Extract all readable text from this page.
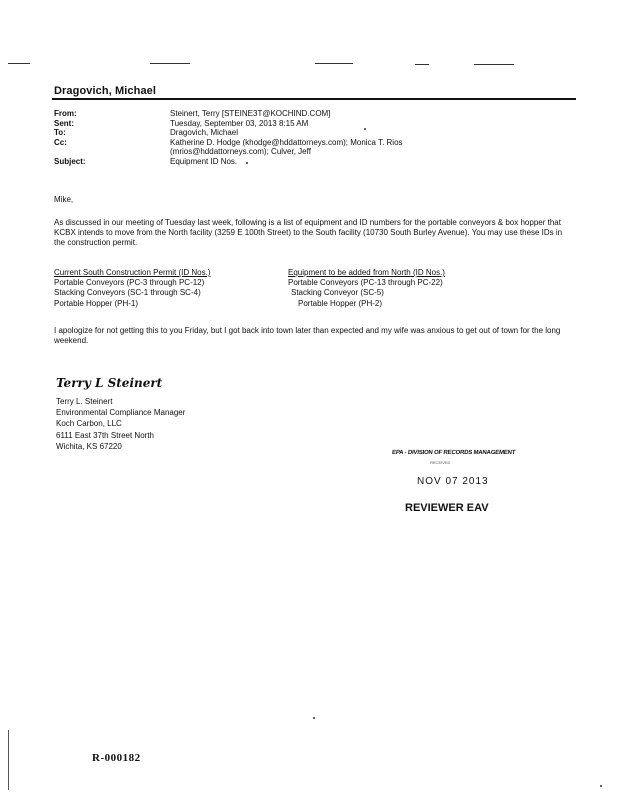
Dragovich, Michael
From:
Sent:
To:
Cc:
Subject:
Steinert, Terry [STEINE3T@KOCHIND.COM]
Tuesday, September 03, 2013 8:15 AM
Dragovich, Michael
Katherine D. Hodge (khodge@hddattorneys.com); Monica T. Rios
(mrios@hddattorneys.com); Culver, Jeff
Equipment ID Nos.
Mike,
As discussed in our meeting of Tuesday last week, following is a list of equipment and ID numbers for the portable conveyors & box hopper that KCBX intends to move from the North facility (3259 E 100th Street) to the South facility (10730 South Burley Avenue). You may use these IDs in the construction permit.
Current South Construction Permit (ID Nos.)
Portable Conveyors (PC-3 through PC-12)
Stacking Conveyors (SC-1 through SC-4)
Portable Hopper (PH-1)
Equipment to be added from North (ID Nos.)
Portable Conveyors (PC-13 through PC-22)
Stacking Conveyor (SC-5)
Portable Hopper (PH-2)
I apologize for not getting this to you Friday, but I got back into town later than expected and my wife was anxious to get out of town for the long weekend.
Terry L Steinert
Terry L. Steinert
Environmental Compliance Manager
Koch Carbon, LLC
6111 East 37th Street North
Wichita, KS 67220
EPA - DIVISION OF RECORDS MANAGEMENT
RECEIVED
NOV 07 2013
REVIEWER EAV
R-000182
